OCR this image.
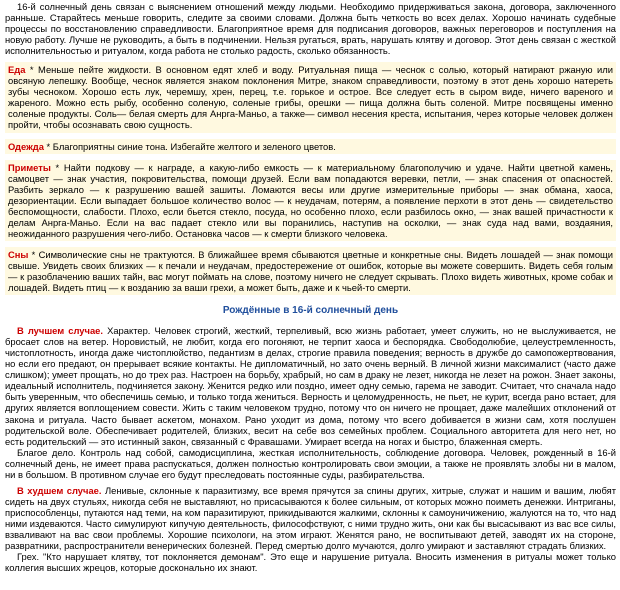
16-й солнечный день связан с выяснением отношений между людьми. Необходимо придерживаться закона, договора, заключенного ранньше. Старайтесь меньше говорить, следите за своими словами. Должна быть четкость во всех делах. Хорошо начинать судебные процессы по восстановлению справедливости. Благоприятное время для подписания договоров, важных переговоров и поступления на новую работу. Лучше не руководить, а быть в подчинении. Нельзя ругаться, врать, нарушать клятву и договор. Этот день связан с жесткой исполнительностью и ритуалом, когда работа не столько радость, сколько обязанность.

Еда * Меньше пейте жидкости. В основном едят хлеб и воду. Ритуальная пища — чеснок с солью, который натирают ржаную или овсяную лепешку. Вообще, чеснок является знаком поклонения Митре, знаком справедливости, поэтому в этот день хорошо натереть зубы чесноком. Хорошо есть лук, черемшу, хрен, перец, т.е. горькое и острое. Все следует есть в сыром виде, ничего вареного и жареного. Можно есть рыбу, особенно соленую, соленые грибы, орешки — пища должна быть соленой. Митре посвящены именно соленые продукты. Соль— белая смерть для Анрга-Маньо, а также— символ несения креста, испытания, через которые человек должен пройти, чтобы осознавать свою сущность.

Одежда * Благоприятны синие тона. Избегайте желтого и зеленого цветов.

Приметы * Найти подкову — к награде, а какую-либо емкость — к материальному благополучию и удаче. Найти цветной камень, самоцвет — знак участия, покровительства, помощи друзей. Если вам попадаются веревки, петли, — знак спасения от опасностей. Разбить зеркало — к разрушению вашей зашиты. Ломаются весы или другие измерительные приборы — знак обмана, хаоса, дезориентации. Если выпадает большое количество волос — к неудачам, потерям, а появление перхоти в этот день — свидетельство беспомощности, слабости. Плохо, если бьется стекло, посуда, но особенно плохо, если разбилось окно, — знак вашей причастности к делам Анрга-Маньо. Если на вас падает стекло или вы поранились, наступив на осколки, — знак суда над вами, воздаяния, неожиданного разрушения чего-либо. Остановка часов — к смерти близкого человека.

Сны * Символические сны не трактуются. В ближайшее время сбываются цветные и конкретные сны. Видеть лошадей — знак помощи свыше. Увидеть своих близких — к печали и неудачам, предостережение от ошибок, которые вы можете совершить. Видеть себя голым — к разоблачению ваших тайн, вас могут поймать на слове, поэтому ничего не следует скрывать. Плохо видеть животных, кроме собак и лошадей. Видеть птиц — к возданию за ваши грехи, а может быть, даже и к чьей-то смерти.

Рождённые в 16-й солнечный день

В лучшем случае. Характер. Человек строгий, жесткий, терпеливый, всю жизнь работает, умеет служить, но не выслуживается, не бросает слов на ветер. Норовистый, не любит, когда его погоняют, не терпит хаоса и беспорядка. Свободолюбие, целеустремленность, чистоплотность, иногда даже чистоплюйство, педантизм в делах, строгие правила поведения; верность в дружбе до самопожертвования, но если его предают, он прерывает всякие контакты. Не дипломатичный, но зато очень верный. В личной жизни максималист (часто даже слишком); умеет прощать, но до трех раз. Настроен на борьбу, храбрый, но сам в драку не лезет, никогда не лезет на рожон. Знает законы, идеальный исполнитель, подчиняется закону. Женится редко или поздно, имеет одну семью, гарема не заводит. Считает, что сначала надо быть уверенным, что обеспечишь семью, и только тогда жениться. Верность и целомудренность, не пьет, не курит, всегда рано встает, для других является воплощением совести. Жить с таким человеком трудно, потому что он ничего не прощает, даже малейших отклонений от закона и ритуала. Часто бывает аскетом, монахом. Рано уходит из дома, потому что всего добивается в жизни сам, хотя послушен родительской воле. Обеспечивает родителей, близких, весит на себе воз семейных проблем. Социального авторитета для него нет, но есть родительский — это истинный закон, связанный с Фравашами. Умирает всегда на ногах и быстро, блаженная смерть.

Благое дело. Контроль над собой, самодисциплина, жесткая исполнительность, соблюдение договора. Человек, рожденный в 16-й солнечный день, не имеет права распускаться, должен полностью контролировать свои эмоции, а также не проявлять злобы ни в малом, ни в большом. В противном случае его будут преследовать постоянные суды, разбирательства.

В худшем случае. Ленивые, склонные к паразитизму, все время прячутся за спины других, хитрые, служат и нашим и вашим, любят сидеть на двух стульях, никогда себя не выставляют, но присасываются к более сильным, от которых можно поиметь денежки. Интриганы, приспособленцы, путаются над теми, на ком паразитируют, прикидываются жалкими, склонны к самоуничижению, жалуются на то, что над ними издеваются. Часто симулируют кипучую деятельность, философствуют, с ними трудно жить, они как бы высасывают из вас все силы, взваливают на вас свои проблемы. Хорошие психологи, на этом играют. Женятся рано, не воспитывают детей, заводят их на стороне, развратники, распространители венерических болезней. Перед смертью долго мучаются, долго умирают и заставляют страдать близких.

Грех. "Кто нарушает клятву, тот поклоняется демонам". Это еще и нарушение ритуала. Вносить изменения в ритуалы может только коллегия высших жрецов, которые досконально их знают.
